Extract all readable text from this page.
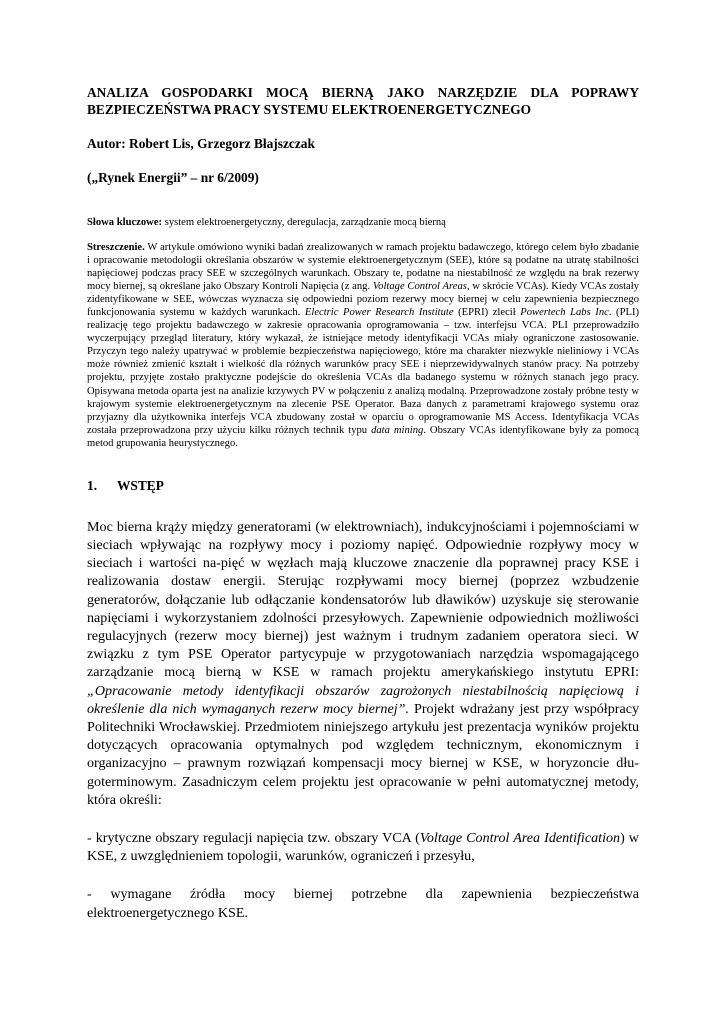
ANALIZA GOSPODARKI MOCĄ BIERNĄ JAKO NARZĘDZIE DLA POPRAWY BEZPIECZEŃSTWA PRACY SYSTEMU ELEKTROENERGETYCZNEGO

Autor: Robert Lis, Grzegorz Błajszczak
(„Rynek Energii” – nr 6/2009)
Słowa kluczowe: system elektroenergetyczny, deregulacja, zarządzanie mocą bierną
Streszczenie. W artykule omówiono wyniki badań zrealizowanych w ramach projektu badawczego, którego celem było zbadanie i opracowanie metodologii określania obszarów w systemie elektroenergetycznym (SEE), które są podatne na utratę stabilności napięciowej podczas pracy SEE w szczególnych warunkach. Obszary te, podatne na niestabilność ze względu na brak rezerwy mocy biernej, są określane jako Obszary Kontroli Napięcia (z ang. Voltage Control Areas, w skrócie VCAs). Kiedy VCAs zostały zidentyfikowane w SEE, wówczas wyznacza się odpowiedni poziom rezerwy mocy biernej w celu zapewnienia bezpiecznego funkcjonowania systemu w każdych warunkach. Electric Power Research Institute (EPRI) zlecił Powertech Labs Inc. (PLI) realizację tego projektu badawczego w zakresie opracowania oprogramowania – tzw. interfejsu VCA. PLI przeprowadziło wyczerpujący przegląd literatury, który wykazał, że istniejące metody identyfikacji VCAs miały ograniczone zastosowanie. Przyczyn tego należy upatrywać w problemie bezpieczeństwa napięciowego, które ma charakter niezwykle nieliniowy i VCAs może również zmienić kształt i wielkość dla różnych warunków pracy SEE i nieprzewidywalnych stanów pracy. Na potrzeby projektu, przyjęte zostało praktyczne podejście do określenia VCAs dla badanego systemu w różnych stanach jego pracy. Opisywana metoda oparta jest na analizie krzywych PV w połączeniu z analizą modalną. Przeprowadzone zostały próbne testy w krajowym systemie elektroenergetycznym na zlecenie PSE Operator. Baza danych z parametrami krajowego systemu oraz przyjazny dla użytkownika interfejs VCA zbudowany został w oparciu o oprogramowanie MS Access. Identyfikacja VCAs została przeprowadzona przy użyciu kilku różnych technik typu data mining. Obszary VCAs identyfikowane były za pomocą metod grupowania heurystycznego.
1. WSTĘP
Moc bierna krąży między generatorami (w elektrowniach), indukcyjnościami i pojemnościami w sieciach wpływając na rozpływy mocy i poziomy napięć. Odpowiednie rozpływy mocy w sieciach i wartości na-pięć w węzłach mają kluczowe znaczenie dla poprawnej pracy KSE i realizowania dostaw energii. Sterując rozpływami mocy biernej (poprzez wzbudzenie generatorów, dołączanie lub odłączanie kondensatorów lub dławików) uzyskuje się sterowanie napięciami i wykorzystaniem zdolności przesyłowych. Zapewnienie odpowiednich możliwości regulacyjnych (rezerw mocy biernej) jest ważnym i trudnym zadaniem operatora sieci. W związku z tym PSE Operator partycypuje w przygotowaniach narzędzia wspomagającego zarządzanie mocą bierną w KSE w ramach projektu amerykańskiego instytutu EPRI: „Opracowanie metody identyfikacji obszarów zagrożonych niestabilnością napięciową i określenie dla nich wymaganych rezerw mocy biernej”. Projekt wdrażany jest przy współpracy Politechniki Wrocławskiej. Przedmiotem niniejszego artykułu jest prezentacja wyników projektu dotyczących opracowania optymalnych pod względem technicznym, ekonomicznym i organizacyjno – prawnym rozwiązań kompensacji mocy biernej w KSE, w horyzoncie dłu-goterminowym. Zasadniczym celem projektu jest opracowanie w pełni automatycznej metody, która określi:
- krytyczne obszary regulacji napięcia tzw. obszary VCA (Voltage Control Area Identification) w KSE, z uwzględnieniem topologii, warunków, ograniczeń i przesyłu,
- wymagane źródła mocy biernej potrzebne dla zapewnienia bezpieczeństwa elektroenergetycznego KSE.
